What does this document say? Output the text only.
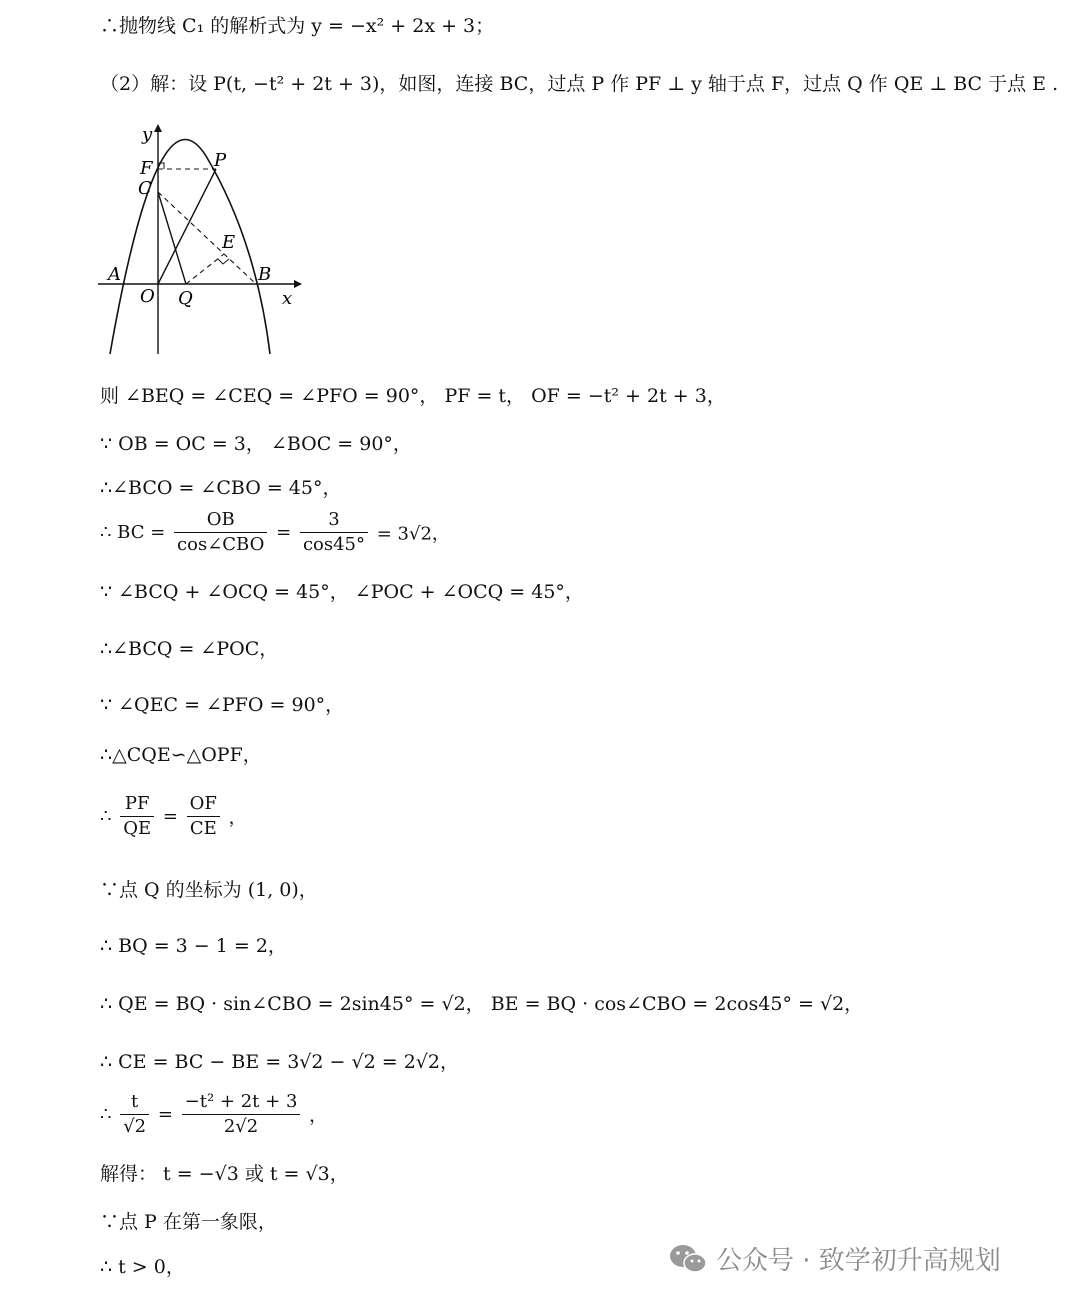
∴抛物线 C₁ 的解析式为 y = −x² + 2x + 3；
（2）解：设 P(t, −t² + 2t + 3)，如图，连接 BC，过点 P 作 PF ⊥ y 轴于点 F，过点 Q 作 QE ⊥ BC 于点 E .
y
x
F
C
P
E
A	B
O Q
则 ∠BEQ = ∠CEQ = ∠PFO = 90°， PF = t， OF = −t² + 2t + 3，
∵ OB = OC = 3， ∠BOC = 90°，
∴∠BCO = ∠CBO = 45°，
∴ BC = $\frac{OB}{\text{cos∠CBO}} = \frac{3}{\cos 45^\circ} = 3√2$，
∵ ∠BCQ + ∠OCQ = 45°， ∠POC + ∠OCQ = 45°，
∴∠BCQ = ∠POC，
∵ ∠QEC = ∠PFO = 90°，
∴△CQE∽△OPF，
∴ $\frac{PF}{QE} = \frac{OF}{CE}$ ，
∵点 Q 的坐标为 (1, 0)，
∴ BQ = 3 − 1 = 2，
∴ QE = BQ · sin∠CBO = 2sin45° = √2， BE = BQ · cos∠CBO = 2cos45° = √2，
∴ CE = BC − BE = 3√2 − √2 = 2√2，
∴ $\frac{t}{√2} = \frac{\text{−t² + 2t + 3}}{2√2}$ ，
解得： t = −√3 或 t = √3，
∵点 P 在第一象限，
∴ t > 0，	公众号 · 致学初升高规划
